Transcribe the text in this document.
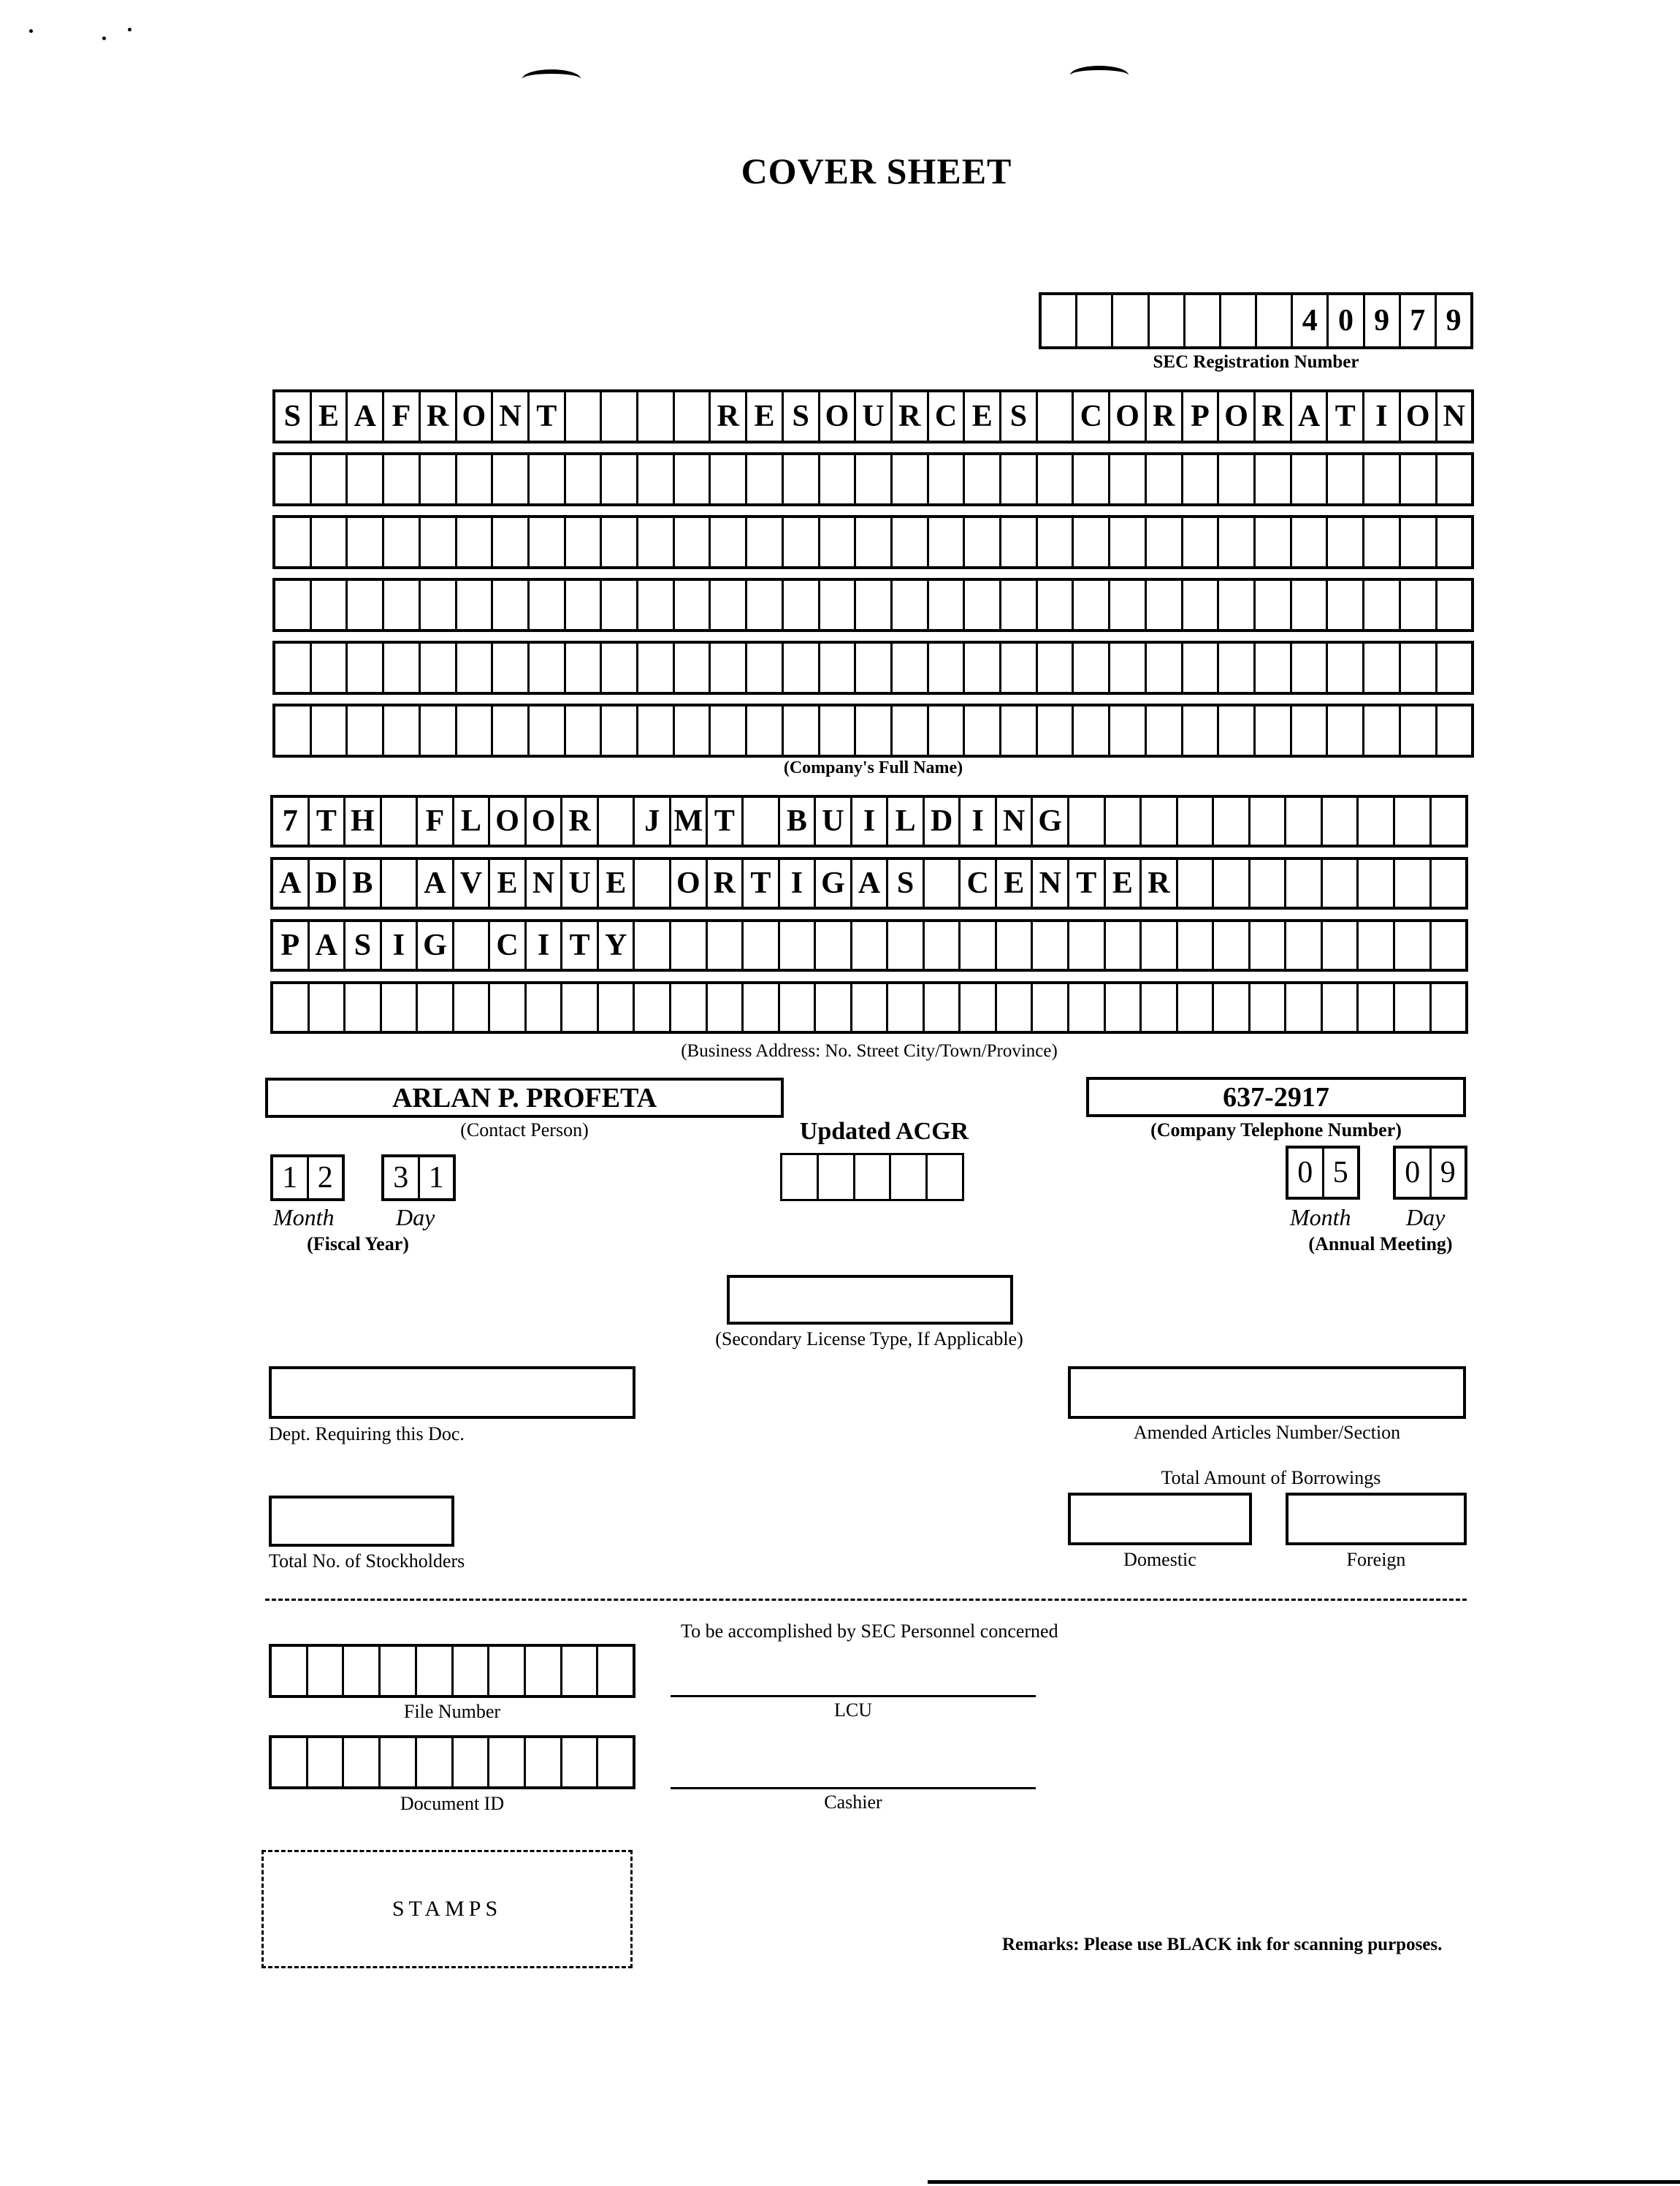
COVER SHEET
4 0 9 7 9
SEC Registration Number
S E A F R O N T	R E S O U R C E S	C O R P O R A T I O N
(Company's Full Name)
7 T H F L O O R	J M T B U I L D I N G
A D B A V E N U E O R T I G A S	C E N T E R
P A S I G C I T Y
(Business Address: No. Street City/Town/Province)
ARLAN P. PROFETA
(Contact Person)
637-2917
(Company Telephone Number)
Updated ACGR
1 2 3 1
Month	Day
(Fiscal Year)
0 5 0 9
Month Day
(Annual Meeting)
(Secondary License Type, If Applicable)
Dept. Requiring this Doc.	Amended Articles Number/Section
Total Amount of Borrowings
Domestic	Foreign
Total No. of Stockholders
To be accomplished by SEC Personnel concerned
File Number
Document ID
LCU
Cashier
STAMPS
Remarks: Please use BLACK ink for scanning purposes.
